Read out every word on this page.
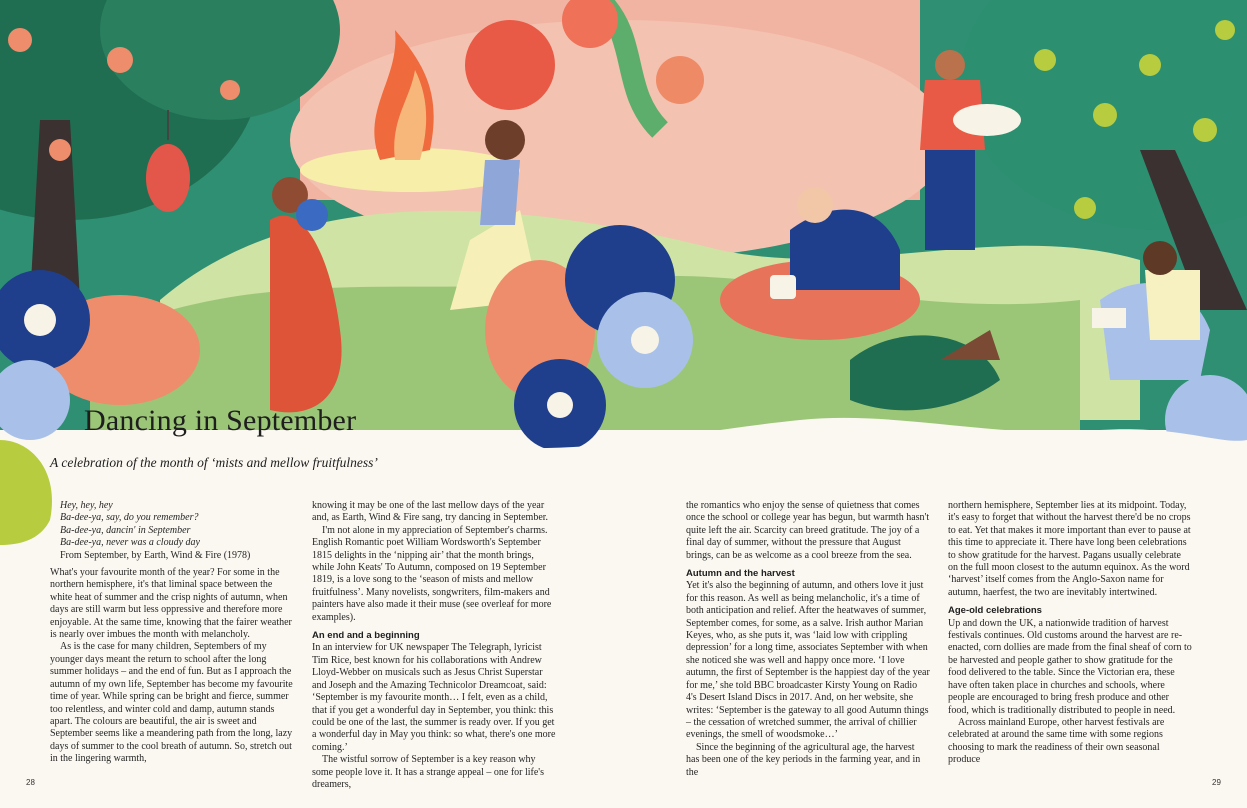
Dancing in September

A celebration of the month of ‘mists and mellow fruitfulness’

Hey, hey, hey

Ba-dee-ya, say, do you remember?

Ba-dee-ya, dancin' in September

Ba-dee-ya, never was a cloudy day

From September, by Earth, Wind & Fire (1978)

What's your favourite month of the year? For some in the northern hemisphere, it's that liminal space between the white heat of summer and the crisp nights of autumn, when days are still warm but less oppressive and therefore more enjoyable. At the same time, knowing that the fairer weather is nearly over imbues the month with melancholy.

As is the case for many children, Septembers of my younger days meant the return to school after the long summer holidays – and the end of fun. But as I approach the autumn of my own life, September has become my favourite time of year. While spring can be bright and fierce, summer too relentless, and winter cold and damp, autumn stands apart. The colours are beautiful, the air is sweet and September seems like a meandering path from the long, lazy days of summer to the cool breath of autumn. So, stretch out in the lingering warmth,

knowing it may be one of the last mellow days of the year and, as Earth, Wind & Fire sang, try dancing in September.

I'm not alone in my appreciation of September's charms. English Romantic poet William Wordsworth's September 1815 delights in the ‘nipping air’ that the month brings, while John Keats' To Autumn, composed on 19 September 1819, is a love song to the ‘season of mists and mellow fruitfulness’. Many novelists, songwriters, film-makers and painters have also made it their muse (see overleaf for more examples).

An end and a beginning

In an interview for UK newspaper The Telegraph, lyricist Tim Rice, best known for his collaborations with Andrew Lloyd-Webber on musicals such as Jesus Christ Superstar and Joseph and the Amazing Technicolor Dreamcoat, said: ‘September is my favourite month… I felt, even as a child, that if you get a wonderful day in September, you think: this could be one of the last, the summer is ready over. If you get a wonderful day in May you think: so what, there's one more coming.’

The wistful sorrow of September is a key reason why some people love it. It has a strange appeal – one for life's dreamers,

the romantics who enjoy the sense of quietness that comes once the school or college year has begun, but warmth hasn't quite left the air. Scarcity can breed gratitude. The joy of a final day of summer, without the pressure that August brings, can be as welcome as a cool breeze from the sea.

Autumn and the harvest

Yet it's also the beginning of autumn, and others love it just for this reason. As well as being melancholic, it's a time of both anticipation and relief. After the heatwaves of summer, September comes, for some, as a salve. Irish author Marian Keyes, who, as she puts it, was ‘laid low with crippling depression’ for a long time, associates September with when she noticed she was well and happy once more. ‘I love autumn, the first of September is the happiest day of the year for me,’ she told BBC broadcaster Kirsty Young on Radio 4's Desert Island Discs in 2017. And, on her website, she writes: ‘September is the gateway to all good Autumn things – the cessation of wretched summer, the arrival of chillier evenings, the smell of woodsmoke…’

Since the beginning of the agricultural age, the harvest has been one of the key periods in the farming year, and in the

northern hemisphere, September lies at its midpoint. Today, it's easy to forget that without the harvest there'd be no crops to eat. Yet that makes it more important than ever to pause at this time to appreciate it. There have long been celebrations to show gratitude for the harvest. Pagans usually celebrate on the full moon closest to the autumn equinox. As the word ‘harvest’ itself comes from the Anglo-Saxon name for autumn, haerfest, the two are inevitably intertwined.

Age-old celebrations

Up and down the UK, a nationwide tradition of harvest festivals continues. Old customs around the harvest are re-enacted, corn dollies are made from the final sheaf of corn to be harvested and people gather to show gratitude for the food delivered to the table. Since the Victorian era, these have often taken place in churches and schools, where people are encouraged to bring fresh produce and other food, which is traditionally distributed to people in need.

Across mainland Europe, other harvest festivals are celebrated at around the same time with some regions choosing to mark the readiness of their own seasonal produce

28	29
